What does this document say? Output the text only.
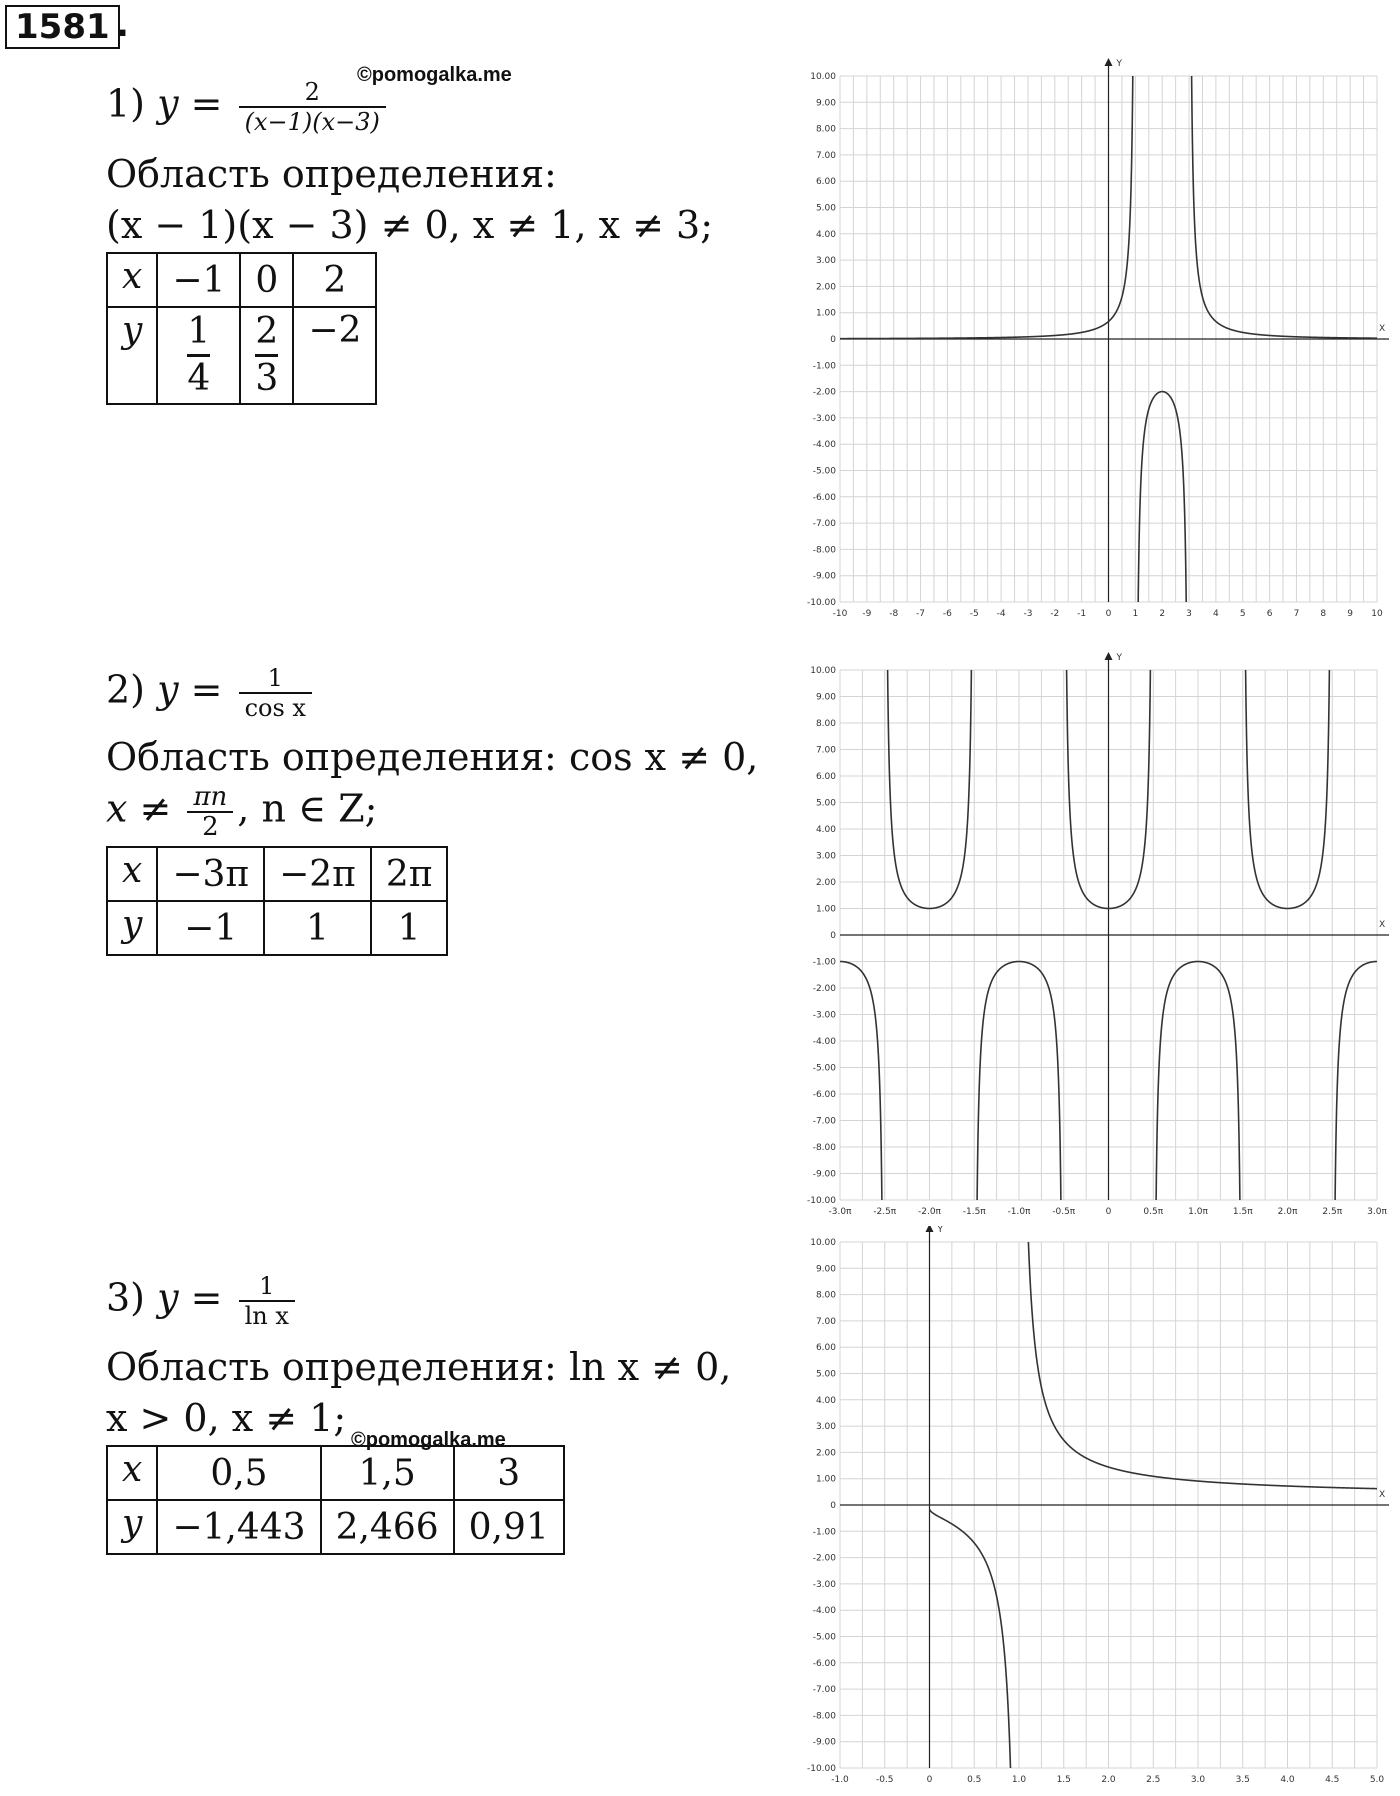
1581 .
©pomogalka.me
1) $y = \frac{2}{(x-1)(x-3)}$
Область определения:
(x − 1)(x − 3) ≠ 0, x ≠ 1, x ≠ 3;
x	−1	0	2
y	$\frac{1}{4}$	$\frac{2}{3}$	−2
2) $y = \frac{1}{\text{cos x}}$
Область определения: cos x ≠ 0,
$x \ne \frac{\pi n}{2}$ , n ∈ Z;
x	−3π	−2π	2π
y	−1	1	1
3) $y = \frac{1}{\text{ln x}}$
Область определения: ln x ≠ 0,
x > 0, x ≠ 1; ©pomogalka.me
x	0,5	1,5	3
y	−1,443	2,466	0,91
X
Y
-10 -9 -8 -7 -6 -5 -4 -3 -2 -1 0 1 2 3 4 5 6 7 8 9 10
10.00
9.00
8.00
7.00
6.00
5.00
4.00
3.00
2.00
1.00
0
-1.00
-2.00
-3.00
-4.00
-5.00
-6.00
-7.00
-8.00
-9.00
-10.00
X
Y
-3.0π -2.5π -2.0π -1.5π -1.0π -0.5π	0	0.5π	1.0π	1.5π	2.0π	2.5π	3.0π
10.00
9.00
8.00
7.00
6.00
5.00
4.00
3.00
2.00
1.00
0
-1.00
-2.00
-3.00
-4.00
-5.00
-6.00
-7.00
-8.00
-9.00
-10.00
X
Y
-1.0	-0.5	0	0.5	1.0	1.5	2.0	2.5	3.0	3.5	4.0	4.5	5.0
10.00
9.00
8.00
7.00
6.00
5.00
4.00
3.00
2.00
1.00
0
-1.00
-2.00
-3.00
-4.00
-5.00
-6.00
-7.00
-8.00
-9.00
-10.00
